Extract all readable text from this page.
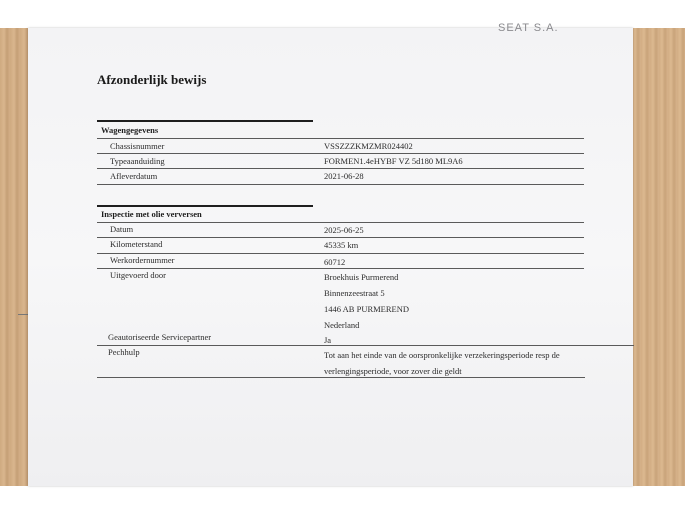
SEAT S.A.
Afzonderlijk bewijs
Wagengegevens
Chassisnummer	VSSZZZKMZMR024402
Typeaanduiding	FORMEN1.4eHYBF VZ 5d180 ML9A6
Afleverdatum	2021-06-28
Inspectie met olie verversen
Datum	2025-06-25
Kilometerstand	45335 km
Werkordernummer	60712
Uitgevoerd door	Broekhuis Purmerend
Binnenzeestraat 5
1446 AB PURMEREND
Nederland
Geautoriseerde Servicepartner	Ja
Pechhulp	Tot aan het einde van de oorspronkelijke verzekeringsperiode resp de
verlengingsperiode, voor zover die geldt
